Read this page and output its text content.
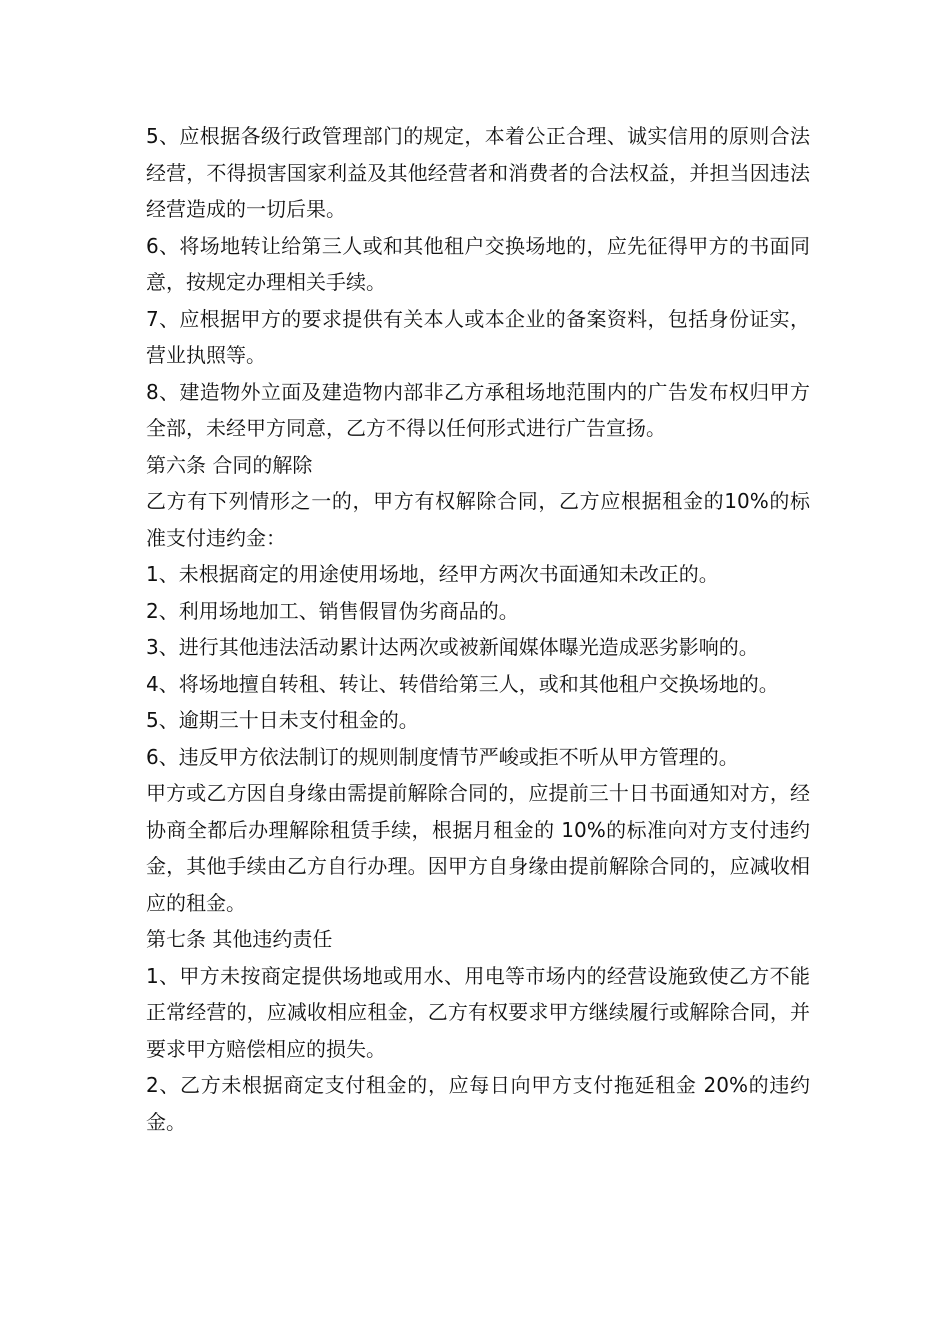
5、应根据各级行政管理部门的规定，本着公正合理、诚实信用的原则合法经营，不得损害国家利益及其他经营者和消费者的合法权益，并担当因违法经营造成的一切后果。

6、将场地转让给第三人或和其他租户交换场地的，应先征得甲方的书面同意，按规定办理相关手续。

7、应根据甲方的要求提供有关本人或本企业的备案资料，包括身份证实，营业执照等。

8、建造物外立面及建造物内部非乙方承租场地范围内的广告发布权归甲方全部，未经甲方同意，乙方不得以任何形式进行广告宣扬。

第六条 合同的解除

乙方有下列情形之一的，甲方有权解除合同，乙方应根据租金的10%的标准支付违约金：

1、未根据商定的用途使用场地，经甲方两次书面通知未改正的。

2、利用场地加工、销售假冒伪劣商品的。

3、进行其他违法活动累计达两次或被新闻媒体曝光造成恶劣影响的。

4、将场地擅自转租、转让、转借给第三人，或和其他租户交换场地的。

5、逾期三十日未支付租金的。

6、违反甲方依法制订的规则制度情节严峻或拒不听从甲方管理的。

甲方或乙方因自身缘由需提前解除合同的，应提前三十日书面通知对方，经协商全都后办理解除租赁手续，根据月租金的 10%的标准向对方支付违约金，其他手续由乙方自行办理。因甲方自身缘由提前解除合同的，应减收相应的租金。

第七条 其他违约责任

1、甲方未按商定提供场地或用水、用电等市场内的经营设施致使乙方不能正常经营的，应减收相应租金，乙方有权要求甲方继续履行或解除合同，并要求甲方赔偿相应的损失。

2、乙方未根据商定支付租金的，应每日向甲方支付拖延租金 20%的违约金。
